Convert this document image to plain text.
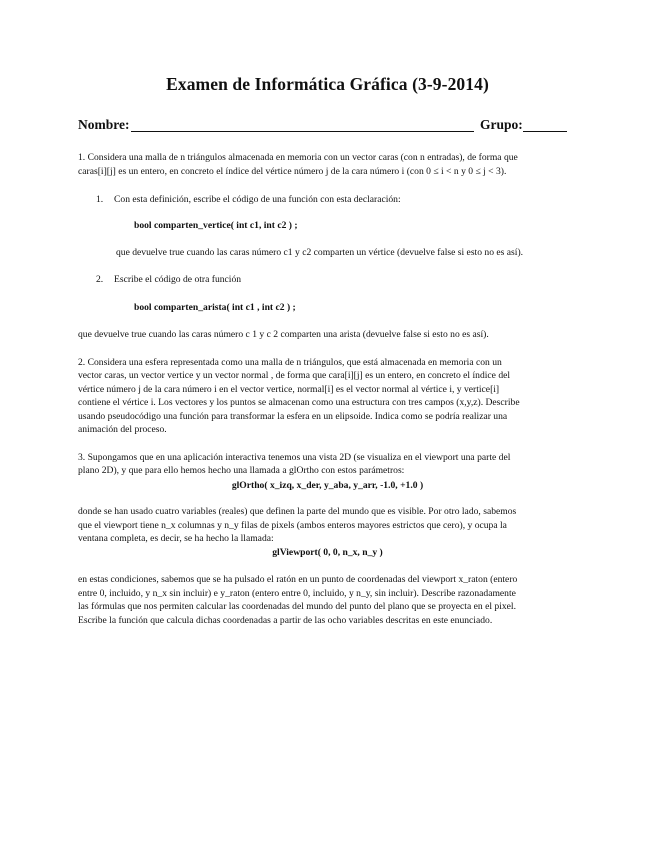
Examen de Informática Gráfica (3-9-2014)
Nombre:	Grupo:
1. Considera una malla de n triángulos almacenada en memoria con un vector caras (con n entradas), de forma que
caras[i][j] es un entero, en concreto el índice del vértice número j de la cara número i (con 0 ≤ i < n y 0 ≤ j < 3).
1. Con esta definición, escribe el código de una función con esta declaración:
bool comparten_vertice( int c1, int c2 ) ;
que devuelve true cuando las caras número c1 y c2 comparten un vértice (devuelve false si esto no es así).
2. Escribe el código de otra función
bool comparten_arista( int c1 , int c2 ) ;
que devuelve true cuando las caras número c 1 y c 2 comparten una arista (devuelve false si esto no es así).
2. Considera una esfera representada como una malla de n triángulos, que está almacenada en memoria con un
vector caras, un vector vertice y un vector normal , de forma que cara[i][j] es un entero, en concreto el índice del
vértice número j de la cara número i en el vector vertice, normal[i] es el vector normal al vértice i, y vertice[i]
contiene el vértice i. Los vectores y los puntos se almacenan como una estructura con tres campos (x,y,z). Describe
usando pseudocódigo una función para transformar la esfera en un elipsoide. Indica como se podría realizar una
animación del proceso.
3. Supongamos que en una aplicación interactiva tenemos una vista 2D (se visualiza en el viewport una parte del
plano 2D), y que para ello hemos hecho una llamada a glOrtho con estos parámetros:
glOrtho( x_izq, x_der, y_aba, y_arr, -1.0, +1.0 )
donde se han usado cuatro variables (reales) que definen la parte del mundo que es visible. Por otro lado, sabemos
que el viewport tiene n_x columnas y n_y filas de pixels (ambos enteros mayores estrictos que cero), y ocupa la
ventana completa, es decir, se ha hecho la llamada:
glViewport( 0, 0, n_x, n_y )
en estas condiciones, sabemos que se ha pulsado el ratón en un punto de coordenadas del viewport x_raton (entero
entre 0, incluido, y n_x sin incluir) e y_raton (entero entre 0, incluido, y n_y, sin incluir). Describe razonadamente
las fórmulas que nos permiten calcular las coordenadas del mundo del punto del plano que se proyecta en el pixel.
Escribe la función que calcula dichas coordenadas a partir de las ocho variables descritas en este enunciado.
